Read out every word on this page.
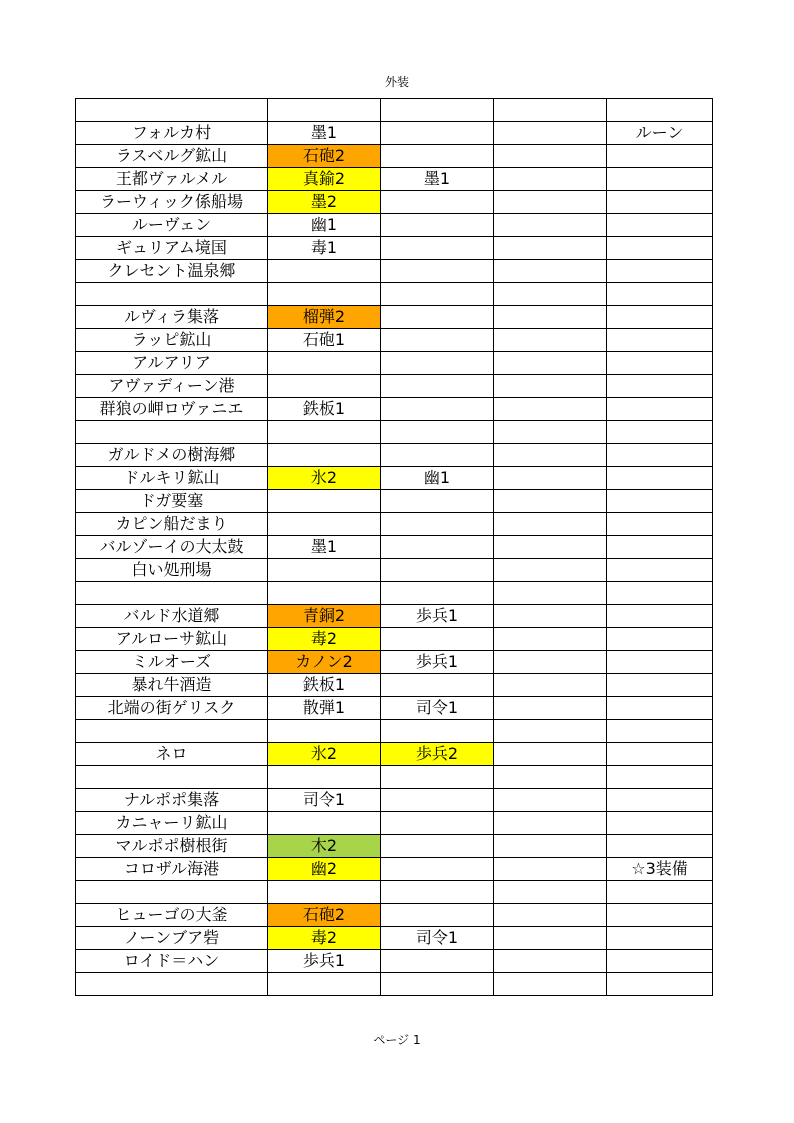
外装

フォルカ村	墨1			ルーン
ラスベルグ鉱山	石砲2			
王都ヴァルメル	真鍮2	墨1		
ラーウィック係船場	墨2			
ルーヴェン	幽1			
ギュリアム境国	毒1			
クレセント温泉郷				

ルヴィラ集落	榴弾2			
ラッピ鉱山	石砲1			
アルアリア				
アヴァディーン港				
群狼の岬ロヴァニエ	鉄板1			

ガルドメの樹海郷				
ドルキリ鉱山	氷2	幽1		
ドガ要塞				
カピン船だまり				
バルゾーイの大太鼓	墨1			
白い処刑場				

バルド水道郷	青銅2	歩兵1		
アルローサ鉱山	毒2			
ミルオーズ	カノン2	歩兵1		
暴れ牛酒造	鉄板1			
北端の街ゲリスク	散弾1	司令1		

ネロ	氷2	歩兵2		

ナルポポ集落	司令1			
カニャーリ鉱山				
マルポポ樹根街	木2			
コロザル海港	幽2			☆3装備

ヒューゴの大釜	石砲2			
ノーンブア砦	毒2	司令1		
ロイド＝ハン	歩兵1			

ページ 1
